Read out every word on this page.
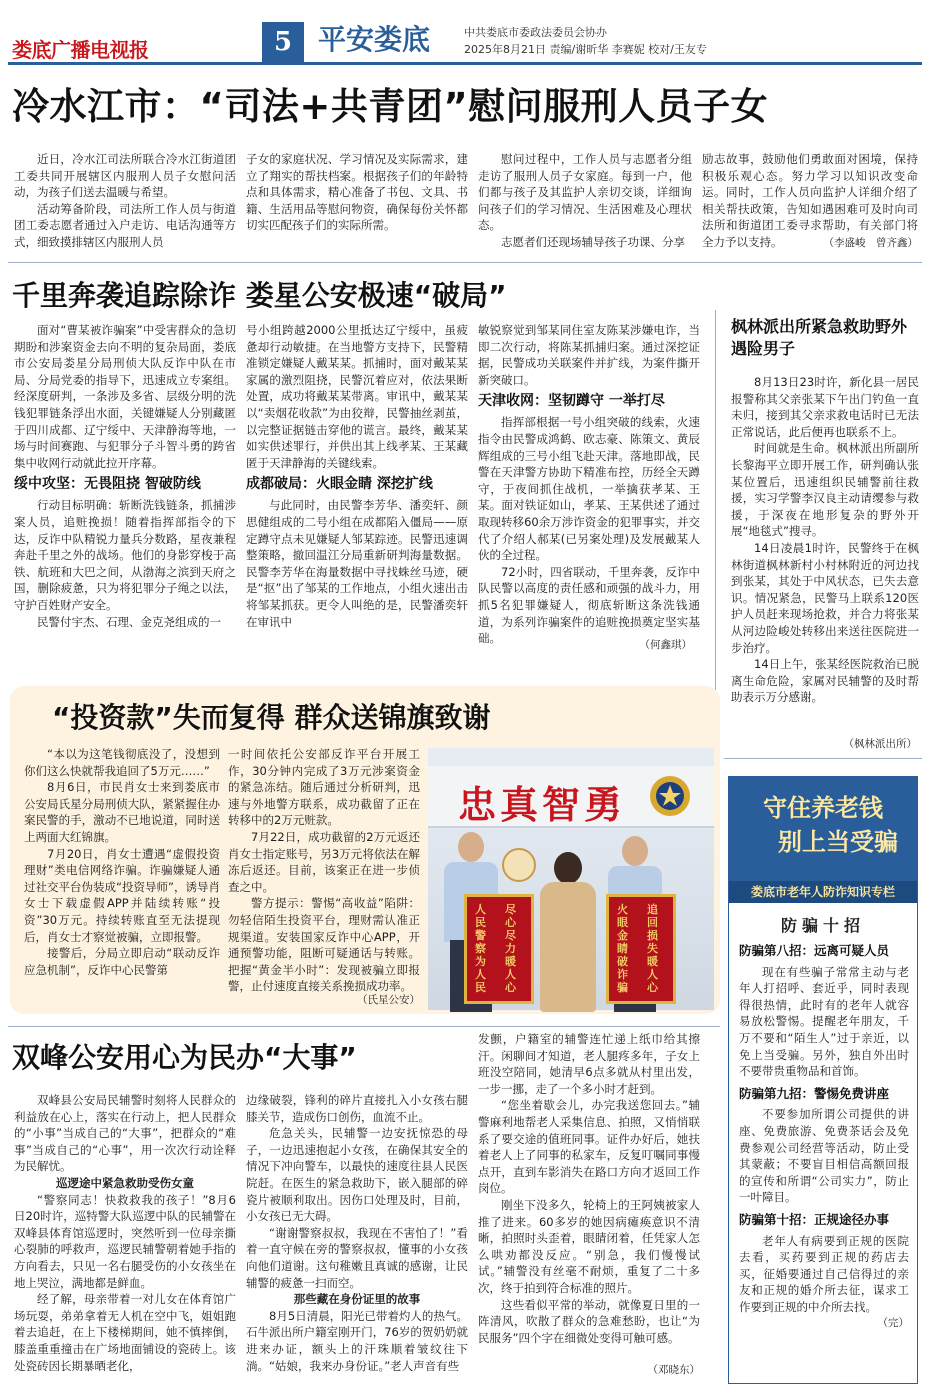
娄底广播电视报	5 平安娄底	中共娄底市委政法委员会协办
2025年8月21日 责编/谢昕华 李赛妮 校对/王友专
冷水江市：“司法+共青团”慰问服刑人员子女

近日，冷水江司法所联合冷水江街道团工委共同开展辖区内服刑人员子女慰问活动，为孩子们送去温暖与希望。

活动筹备阶段，司法所工作人员与街道团工委志愿者通过入户走访、电话沟通等方式，细致摸排辖区内服刑人员

子女的家庭状况、学习情况及实际需求，建立了翔实的帮扶档案。根据孩子们的年龄特点和具体需求，精心准备了书包、文具、书籍、生活用品等慰问物资，确保每份关怀都切实匹配孩子们的实际所需。

慰问过程中，工作人员与志愿者分组走访了服刑人员子女家庭。每到一户，他们都与孩子及其监护人亲切交谈，详细询问孩子们的学习情况、生活困难及心理状态。

志愿者们还现场辅导孩子功课、分享

励志故事，鼓励他们勇敢面对困境，保持积极乐观心态。努力学习以知识改变命运。同时，工作人员向监护人详细介绍了相关帮扶政策，告知如遇困难可及时向司法所和街道团工委寻求帮助，有关部门将全力予以支持。	（李盛峻　曾齐鑫）
千里奔袭追踪除诈 娄星公安极速“破局”

面对“曹某被诈骗案”中受害群众的急切期盼和涉案资金去向不明的复杂局面，娄底市公安局娄星分局刑侦大队反诈中队在市局、分局党委的指导下，迅速成立专案组。经深度研判，一条涉及多省、层级分明的洗钱犯罪链条浮出水面，关键嫌疑人分别藏匿于四川成都、辽宁绥中、天津静海等地，一场与时间赛跑、与犯罪分子斗智斗勇的跨省集中收网行动就此拉开序幕。

绥中攻坚：无畏阻挠 智破防线

行动目标明确：斩断洗钱链条，抓捕涉案人员，追赃挽损！随着指挥部指令的下达，反诈中队精锐力量兵分数路，星夜兼程奔赴千里之外的战场。他们的身影穿梭于高铁、航班和大巴之间，从渤海之滨到天府之国，删除疲惫，只为将犯罪分子绳之以法，守护百姓财产安全。

民警付宇杰、石理、金克尧组成的一

号小组跨越2000公里抵达辽宁绥中，虽疲惫却行动敏捷。在当地警方支持下，民警精准锁定嫌疑人戴某某。抓捕时，面对戴某某家属的激烈阻挠，民警沉着应对，依法果断处置，成功将戴某某带离。审讯中，戴某某以“卖烟花收款”为由狡辩，民警抽丝剥茧，以完整证据链击穿他的谎言。最终，戴某某如实供述罪行，并供出其上线孝某、王某藏匿于天津静海的关键线索。

成都破局：火眼金睛 深挖扩线

与此同时，由民警李芳华、潘奕轩、颜思健组成的二号小组在成都陷入僵局——原定蹲守点未见嫌疑人邹某踪迹。民警迅速调整策略，撤回温江分局重新研判海量数据。民警李芳华在海量数据中寻找蛛丝马迹，硬是“抠”出了邹某的工作地点，小组火速出击将邹某抓获。更令人叫绝的是，民警潘奕轩在审讯中

敏锐察觉到邹某同住室友陈某涉嫌电诈，当即二次行动，将陈某抓捕归案。通过深挖证据，民警成功关联案件并扩线，为案件撕开新突破口。

天津收网：坚韧蹲守 一举打尽

指挥部根据一号小组突破的线索，火速指令由民警成鸿鹤、欧志豪、陈策文、黄辰辉组成的三号小组飞赴天津。落地即战，民警在天津警方协助下精准布控，历经全天蹲守，于夜间抓住战机，一举擒获孝某、王某。面对铁证如山，孝某、王某供述了通过取现转移60余万涉诈资金的犯罪事实，并交代了介绍人郝某(已另案处理)及发展戴某人伙的全过程。

72小时，四省联动，千里奔袭，反诈中队民警以高度的责任感和顽强的战斗力，用抓5名犯罪嫌疑人，彻底斩断这条洗钱通道，为系列诈骗案件的追赃挽损奠定坚实基础。	（何鑫琪）
枫林派出所紧急救助野外遇险男子

8月13日23时许，新化县一居民报警称其父亲张某下午出门钓鱼一直未归，接到其父亲求救电话时已无法正常说话，此后便再也联系不上。

时间就是生命。枫林派出所副所长黎海平立即开展工作，研判确认张某位置后，迅速组织民辅警前往救援，实习学警李汉良主动请缨参与救援，于深夜在地形复杂的野外开展“地毯式”搜寻。

14日凌晨1时许，民警终于在枫林街道枫林新村小村林附近的河边找到张某，其处于中风状态，已失去意识。情况紧急，民警马上联系120医护人员赶来现场抢救，并合力将张某从河边险峻处转移出来送往医院进一步治疗。

14日上午，张某经医院救治已脱离生命危险，家属对民辅警的及时帮助表示万分感谢。

（枫林派出所）
“投资款”失而复得 群众送锦旗致谢

“本以为这笔钱彻底没了，没想到你们这么快就帮我追回了5万元……”

8月6日，市民肖女士来到娄底市公安局氏星分局刑侦大队，紧紧握住办案民警的手，激动不已地说道，同时送上两面大红锦旗。

7月20日，肖女士遭遇“虚假投资理财”类电信网络诈骗。诈骗嫌疑人通过社交平台伪装成“投资导师”，诱导肖女士下载虚假APP并陆续转账“投资”30万元。持续转账直至无法提现后，肖女士才察觉被骗，立即报警。

接警后，分局立即启动“联动反诈应急机制”，反诈中心民警第

一时间依托公安部反诈平台开展工作，30分钟内完成了3万元涉案资金的紧急冻结。随后通过分析研判，迅速与外地警方联系，成功截留了正在转移中的2万元赃款。

7月22日，成功截留的2万元返还肖女士指定账号，另3万元将依法在解冻后返还。目前，该案正在进一步侦查之中。

警方提示：警惕“高收益”陷阱：勿轻信陌生投资平台，理财需认准正规渠道。安装国家反诈中心APP，开通预警功能，阻断可疑通话与转账。把握“黄金半小时”：发现被骗立即报警，止付速度直接关系挽损成功率。

（氏星公安）
忠真智勇
人民警察为人民
尽心尽力暖人心
火眼金睛破诈骗
追回损失暖人心
双峰公安用心为民办“大事”

双峰县公安局民辅警时刻将人民群众的利益放在心上，落实在行动上，把人民群众的“小事”当成自己的“大事”，把群众的“难事”当成自己的“心事”，用一次次行动诠释为民解忧。

巡逻途中紧急救助受伤女童

“警察同志！快救救我的孩子！”8月6日20时许，巡特警大队巡逻中队的民辅警在双峰县体育馆巡逻时，突然听到一位母亲撕心裂肺的呼救声，巡逻民辅警朝着她手指的方向看去，只见一名右腿受伤的小女孩坐在地上哭泣，满地都是鲜血。

经了解，母亲带着一对儿女在体育馆广场玩耍，弟弟拿着无人机在空中飞，姐姐跑着去追赶，在上下楼梯期间，她不慎摔倒，膝盖重重撞击在广场地面铺设的瓷砖上。该处瓷砖因长期暴晒老化，

边缘破裂，锋利的碎片直接扎入小女孩右腿膝关节，造成伤口创伤，血流不止。

危急关头，民辅警一边安抚惊恐的母子，一边迅速抱起小女孩，在确保其安全的情况下冲向警车，以最快的速度往县人民医院赶。在医生的紧急救助下，嵌入腿部的碎瓷片被顺利取出。因伤口处理及时，目前，小女孩已无大碍。

“谢谢警察叔叔，我现在不害怕了！”看着一直守候在旁的警察叔叔，懂事的小女孩向他们道谢。这句稚嫩且真诚的感谢，让民辅警的疲惫一扫而空。

那些藏在身份证里的故事

8月5日清晨，阳光已带着灼人的热气。石牛派出所户籍室刚开门，76岁的贺奶奶就进来办证，额头上的汗珠顺着皱纹往下淌。“姑娘，我来办身份证。”老人声音有些

发颤，户籍室的辅警连忙递上纸巾给其擦汗。闲聊间才知道，老人腿疼多年，子女上班没空陪同，她清早6点多就从村里出发，一步一挪，走了一个多小时才赶到。

“您坐着歇会儿，办完我送您回去。”辅警麻利地帮老人采集信息、拍照，又悄悄联系了要交途的值班同事。证件办好后，她扶着老人上了同事的私家车，反复叮嘱同事慢点开，直到车影消失在路口方向才返回工作岗位。

刚坐下没多久，轮椅上的王阿姨被家人推了进来。60多岁的她因病瘫痪意识不清晰，拍照时头歪着，眼睛闭着，任凭家人怎么哄劝都没反应。“别急，我们慢慢试试。”辅警没有丝毫不耐烦，重复了二十多次，终于拍到符合标准的照片。

这些看似平常的举动，就像夏日里的一阵清风，吹散了群众的急难愁盼，也让“为民服务”四个字在细微处变得可触可感。

（邓晓东）
守住养老钱
别上当受骗
娄底市老年人防诈知识专栏
防骗十招
防骗第八招：远离可疑人员

现在有些骗子常常主动与老年人打招呼、套近乎，同时表现得很热情，此时有的老年人就容易放松警惕。提醒老年朋友，千万不要和“陌生人”过于亲近，以免上当受骗。另外，独自外出时不要带贵重物品和首饰。

防骗第九招：警惕免费讲座

不要参加所谓公司提供的讲座、免费旅游、免费茶话会及免费参观公司经营等活动，防止受其蒙蔽；不要盲目相信高额回报的宣传和所谓“公司实力”，防止一叶障目。

防骗第十招：正规途径办事

老年人有病要到正规的医院去看，买药要到正规的药店去买，征婚要通过自己信得过的亲友和正规的婚介所去征，谋求工作要到正规的中介所去找。

（完）
